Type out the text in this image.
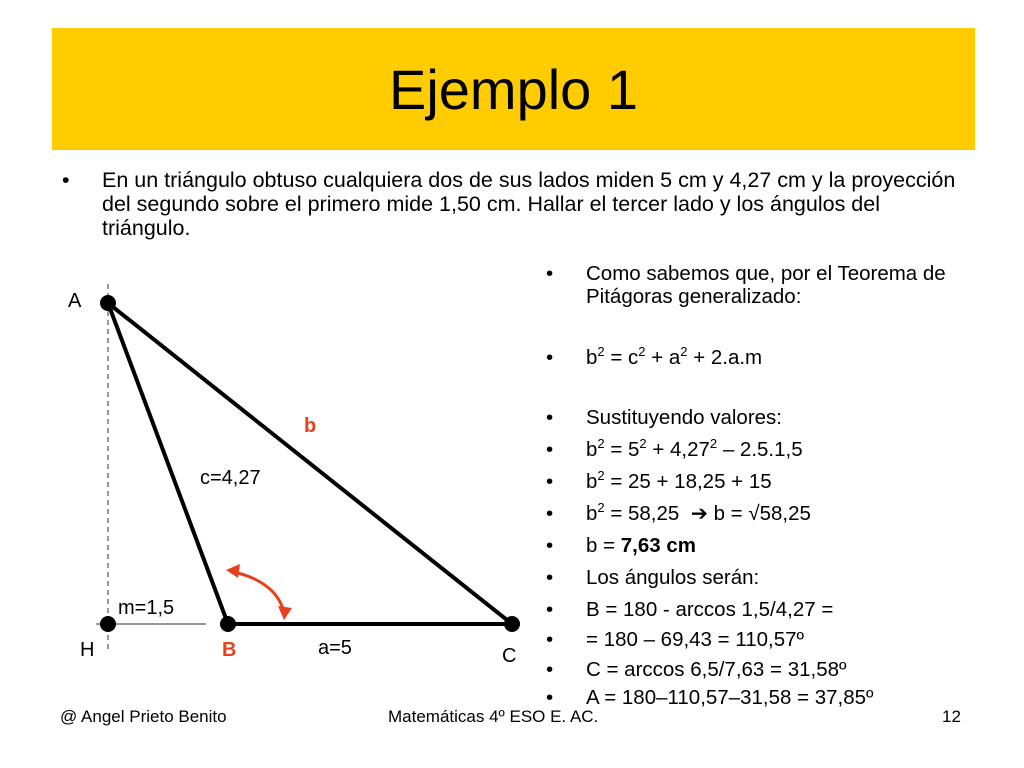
Ejemplo 1
• En un triángulo obtuso cualquiera dos de sus lados miden 5 cm y 4,27 cm y la proyección del segundo sobre el primero mide 1,50 cm. Hallar el tercer lado y los ángulos del triángulo.
A
H	B	C
b
c=4,27
m=1,5
a=5
• Como sabemos que, por el Teorema de Pitágoras generalizado:
• $b^2 = c^2 + a^2 + 2.a.m$
• Sustituyendo valores:
• $b^2 = 5^2 + 4,27^2 - 2.5.1,5$
• $b^2 = 25 + 18,25 + 15$
• $b^2 = 58,25$  ➔ b = √58,25
• b = 7,63 cm
• Los ángulos serán:
• B = 180 - arccos 1,5/4,27 =
• = 180 – 69,43 = 110,57º
• C = arccos 6,5/7,63 = 31,58º
• A = 180–110,57–31,58 = 37,85º
@ Angel Prieto Benito	Matemáticas 4º ESO E. AC.	12
